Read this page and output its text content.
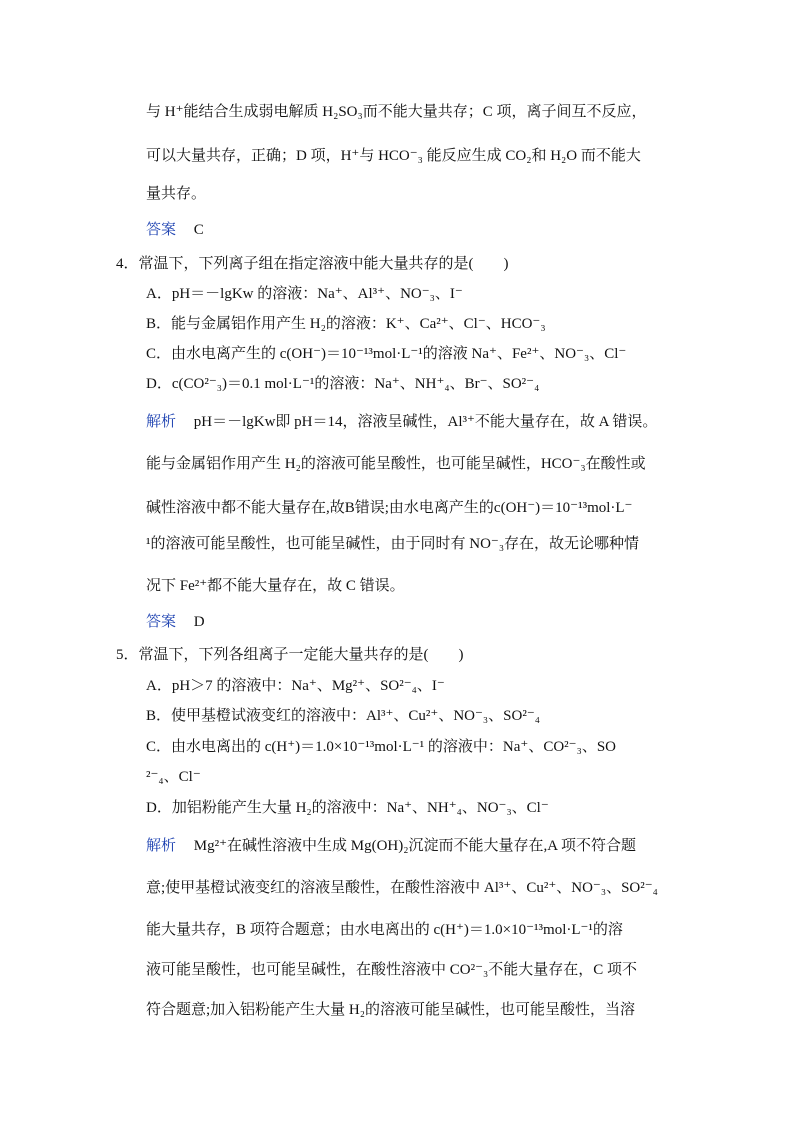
与 H⁺能结合生成弱电解质 H₂SO₃而不能大量共存；C 项，离子间互不反应，
可以大量共存，正确；D 项，H⁺与 HCO⁻₃ 能反应生成 CO₂和 H₂O 而不能大
量共存。
答案 C
4．常温下，下列离子组在指定溶液中能大量共存的是(　　)
A．pH＝－lgKw 的溶液：Na⁺、Al³⁺、NO⁻₃、I⁻
B．能与金属铝作用产生 H₂的溶液：K⁺、Ca²⁺、Cl⁻、HCO⁻₃
C．由水电离产生的 c(OH⁻)＝10⁻¹³mol·L⁻¹的溶液 Na⁺、Fe²⁺、NO⁻₃、Cl⁻
D．c(CO²⁻₃)＝0.1 mol·L⁻¹的溶液：Na⁺、NH⁺₄、Br⁻、SO²⁻₄
解析 pH＝－lgKw即 pH＝14，溶液呈碱性，Al³⁺不能大量存在，故 A 错误。
能与金属铝作用产生 H₂的溶液可能呈酸性，也可能呈碱性，HCO⁻₃在酸性或
碱性溶液中都不能大量存在,故B错误;由水电离产生的c(OH⁻)＝10⁻¹³mol·L⁻
¹的溶液可能呈酸性，也可能呈碱性，由于同时有 NO⁻₃存在，故无论哪种情
况下 Fe²⁺都不能大量存在，故 C 错误。
答案 D
5．常温下，下列各组离子一定能大量共存的是(　　)
A．pH＞7 的溶液中：Na⁺、Mg²⁺、SO²⁻₄、I⁻
B．使甲基橙试液变红的溶液中：Al³⁺、Cu²⁺、NO⁻₃、SO²⁻₄
C．由水电离出的 c(H⁺)＝1.0×10⁻¹³mol·L⁻¹ 的溶液中：Na⁺、CO²⁻₃、SO
²⁻₄、Cl⁻
D．加铝粉能产生大量 H₂的溶液中：Na⁺、NH⁺₄、NO⁻₃、Cl⁻
解析 Mg²⁺在碱性溶液中生成 Mg(OH)₂沉淀而不能大量存在,A 项不符合题
意;使甲基橙试液变红的溶液呈酸性，在酸性溶液中 Al³⁺、Cu²⁺、NO⁻₃、SO²⁻₄
能大量共存，B 项符合题意；由水电离出的 c(H⁺)＝1.0×10⁻¹³mol·L⁻¹的溶
液可能呈酸性，也可能呈碱性，在酸性溶液中 CO²⁻₃不能大量存在，C 项不
符合题意;加入铝粉能产生大量 H₂的溶液可能呈碱性，也可能呈酸性，当溶
